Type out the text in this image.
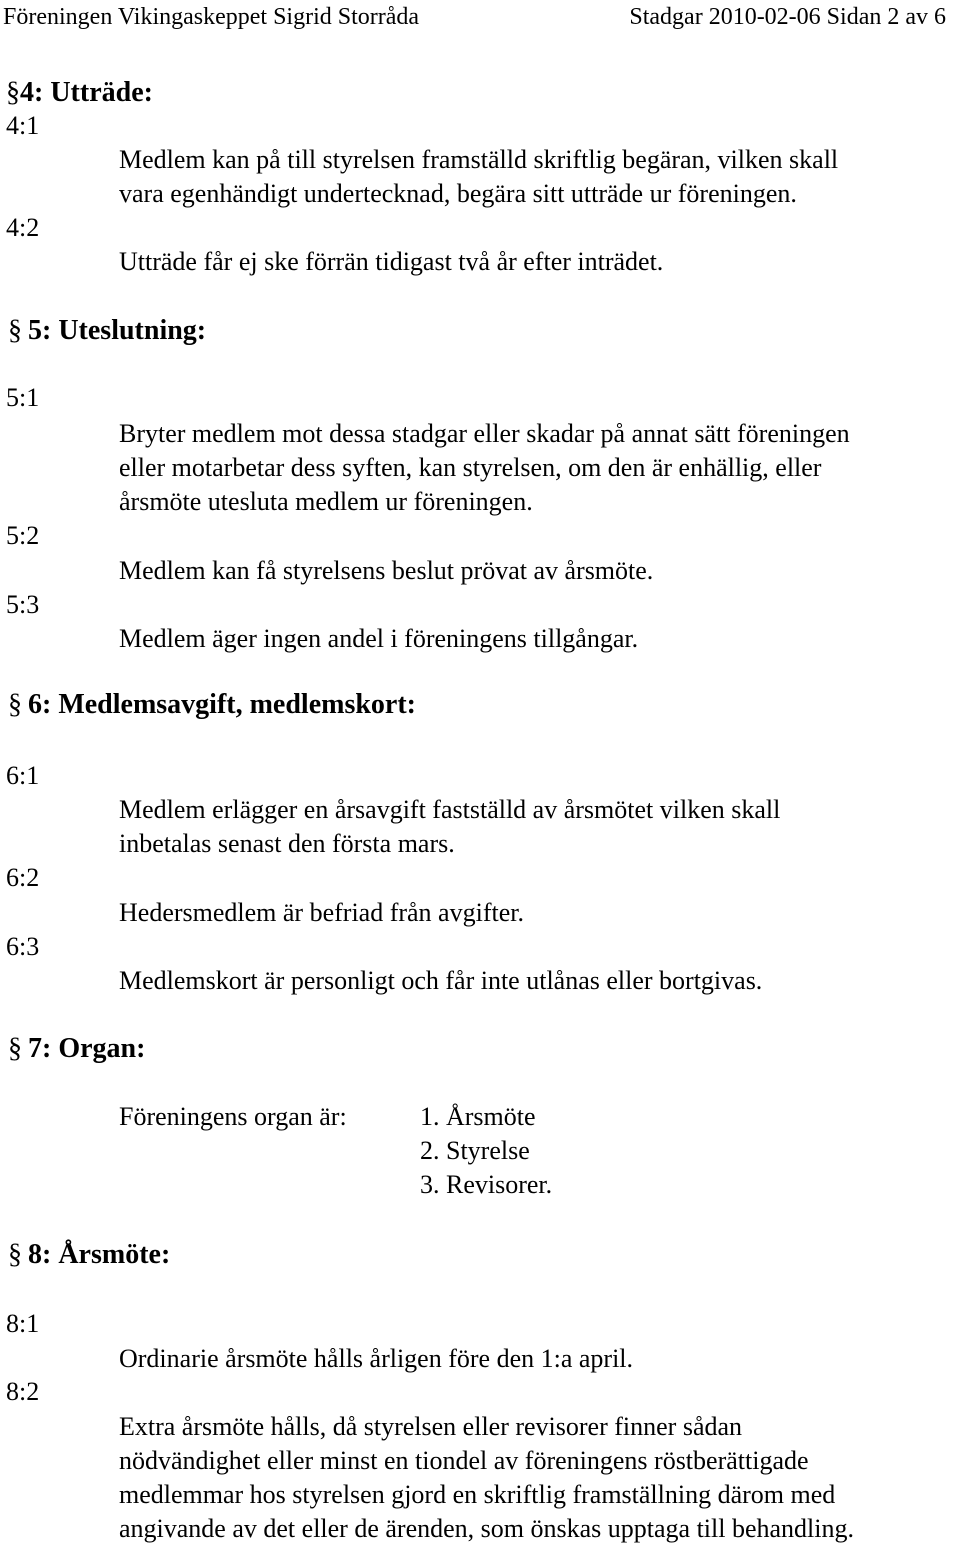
Föreningen Vikingaskeppet Sigrid Storråda	Stadgar 2010-02-06 Sidan 2 av 6
§4: Utträde:
4:1
Medlem kan på till styrelsen framställd skriftlig begäran, vilken skall
vara egenhändigt undertecknad, begära sitt utträde ur föreningen.
4:2
Utträde får ej ske förrän tidigast två år efter inträdet.
§ 5: Uteslutning:
5:1
Bryter medlem mot dessa stadgar eller skadar på annat sätt föreningen
eller motarbetar dess syften, kan styrelsen, om den är enhällig, eller
årsmöte utesluta medlem ur föreningen.
5:2
Medlem kan få styrelsens beslut prövat av årsmöte.
5:3
Medlem äger ingen andel i föreningens tillgångar.
§ 6: Medlemsavgift, medlemskort:
6:1
Medlem erlägger en årsavgift fastställd av årsmötet vilken skall
inbetalas senast den första mars.
6:2
Hedersmedlem är befriad från avgifter.
6:3
Medlemskort är personligt och får inte utlånas eller bortgivas.
§ 7: Organ:
Föreningens organ är:	1. Årsmöte
2. Styrelse
3. Revisorer.
§ 8: Årsmöte:
8:1
Ordinarie årsmöte hålls årligen före den 1:a april.
8:2
Extra årsmöte hålls, då styrelsen eller revisorer finner sådan
nödvändighet eller minst en tiondel av föreningens röstberättigade
medlemmar hos styrelsen gjord en skriftlig framställning därom med
angivande av det eller de ärenden, som önskas upptaga till behandling.
